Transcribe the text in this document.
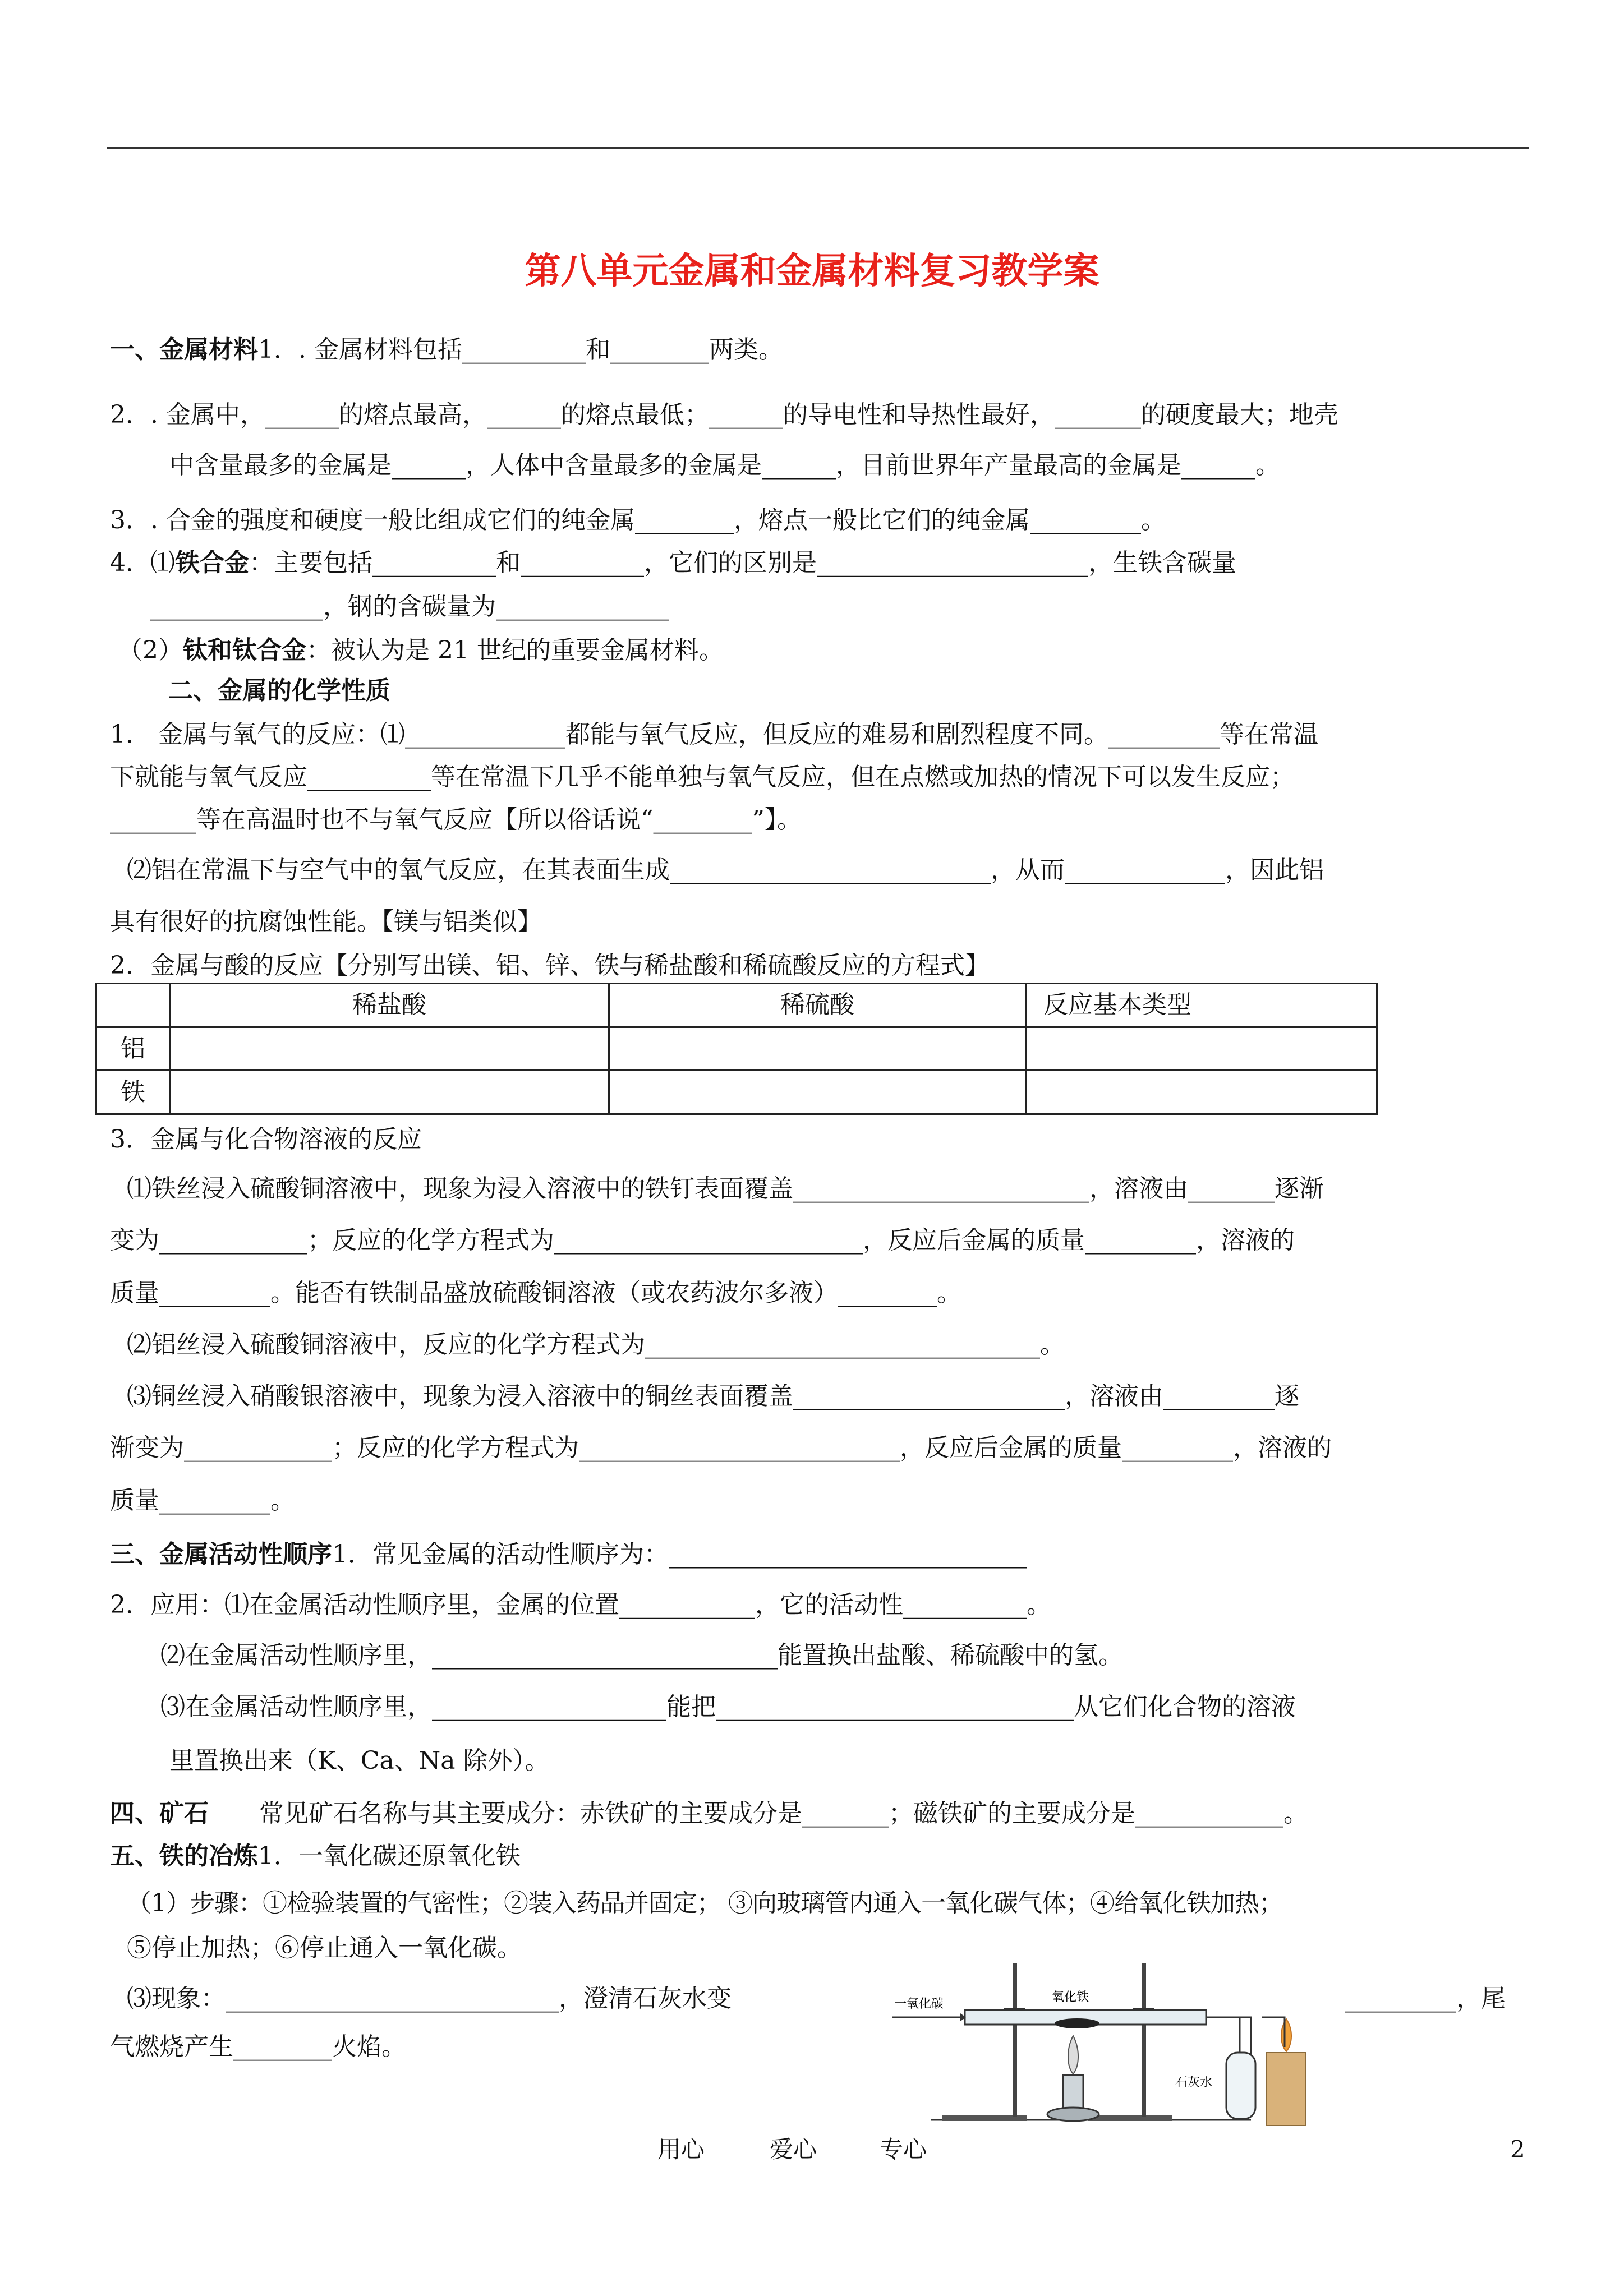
第八单元金属和金属材料复习教学案
一、金属材料1．. 金属材料包括__________和________两类。
2．. 金属中，______的熔点最高，______的熔点最低；______的导电性和导热性最好，_______的硬度最大；地壳
中含量最多的金属是______，人体中含量最多的金属是______，目前世界年产量最高的金属是______。
3．. 合金的强度和硬度一般比组成它们的纯金属________，熔点一般比它们的纯金属_________。
4．⑴铁合金：主要包括__________和__________，它们的区别是______________________，生铁含碳量
______________，钢的含碳量为______________
（2）钛和钛合金：被认为是 21 世纪的重要金属材料。
二、金属的化学性质
1． 金属与氧气的反应：⑴_____________都能与氧气反应，但反应的难易和剧烈程度不同。_________等在常温
下就能与氧气反应__________等在常温下几乎不能单独与氧气反应，但在点燃或加热的情况下可以发生反应；
_______等在高温时也不与氧气反应【所以俗话说“________”】。
⑵铝在常温下与空气中的氧气反应，在其表面生成__________________________，从而_____________，因此铝
具有很好的抗腐蚀性能。【镁与铝类似】
2．金属与酸的反应【分别写出镁、铝、锌、铁与稀盐酸和稀硫酸反应的方程式】
	稀盐酸	稀硫酸	反应基本类型
铝			
铁			
3．金属与化合物溶液的反应
⑴铁丝浸入硫酸铜溶液中，现象为浸入溶液中的铁钉表面覆盖________________________，溶液由_______逐渐
变为____________；反应的化学方程式为_________________________，反应后金属的质量_________，溶液的
质量_________。能否有铁制品盛放硫酸铜溶液（或农药波尔多液）________。
⑵铝丝浸入硫酸铜溶液中，反应的化学方程式为________________________________。
⑶铜丝浸入硝酸银溶液中，现象为浸入溶液中的铜丝表面覆盖______________________，溶液由_________逐
渐变为____________；反应的化学方程式为__________________________，反应后金属的质量_________，溶液的
质量_________。
三、金属活动性顺序1．常见金属的活动性顺序为：_____________________________
2．应用：⑴在金属活动性顺序里，金属的位置___________，它的活动性__________。
⑵在金属活动性顺序里，____________________________能置换出盐酸、稀硫酸中的氢。
⑶在金属活动性顺序里，___________________能把_____________________________从它们化合物的溶液
里置换出来（K、Ca、Na 除外）。
四、矿石 常见矿石名称与其主要成分：赤铁矿的主要成分是_______；磁铁矿的主要成分是____________。
五、铁的冶炼1．一氧化碳还原氧化铁
（1）步骤：①检验装置的气密性；②装入药品并固定； ③向玻璃管内通入一氧化碳气体；④给氧化铁加热；
⑤停止加热；⑥停止通入一氧化碳。
⑶现象：___________________________，澄清石灰水变	_________，尾
气燃烧产生________火焰。
一氧化碳	氧化铁
石灰水
用心	爱心	专心	2
